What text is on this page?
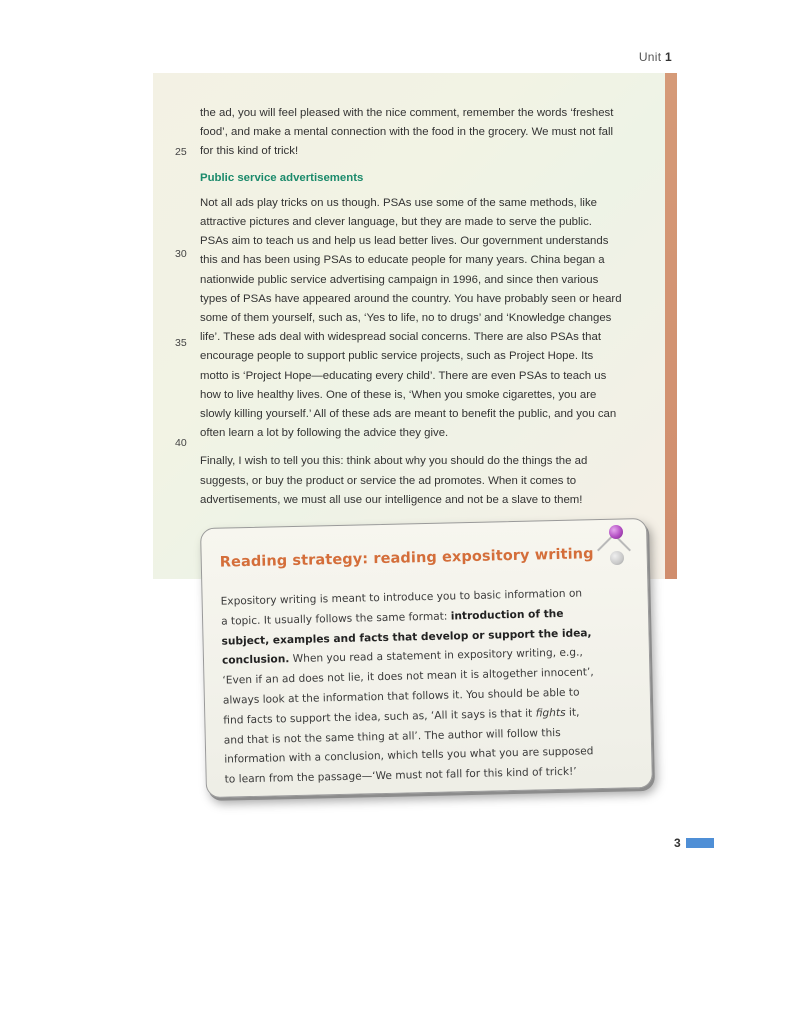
Unit 1
25
30
35
40

the ad, you will feel pleased with the nice comment, remember the words ‘freshest
food’, and make a mental connection with the food in the grocery. We must not fall
for this kind of trick!

Public service advertisements

Not all ads play tricks on us though. PSAs use some of the same methods, like
attractive pictures and clever language, but they are made to serve the public.
PSAs aim to teach us and help us lead better lives. Our government understands
this and has been using PSAs to educate people for many years. China began a
nationwide public service advertising campaign in 1996, and since then various
types of PSAs have appeared around the country. You have probably seen or heard
some of them yourself, such as, ‘Yes to life, no to drugs’ and ‘Knowledge changes
life’. These ads deal with widespread social concerns. There are also PSAs that
encourage people to support public service projects, such as Project Hope. Its
motto is ‘Project Hope—educating every child’. There are even PSAs to teach us
how to live healthy lives. One of these is, ‘When you smoke cigarettes, you are
slowly killing yourself.’ All of these ads are meant to benefit the public, and you can
often learn a lot by following the advice they give.

Finally, I wish to tell you this: think about why you should do the things the ad
suggests, or buy the product or service the ad promotes. When it comes to
advertisements, we must all use our intelligence and not be a slave to them!

Reading strategy: reading expository writing
Expository writing is meant to introduce you to basic information on
a topic. It usually follows the same format: introduction of the
subject, examples and facts that develop or support the idea,
conclusion. When you read a statement in expository writing, e.g.,
‘Even if an ad does not lie, it does not mean it is altogether innocent’,
always look at the information that follows it. You should be able to
find facts to support the idea, such as, ‘All it says is that it fights it,
and that is not the same thing at all’. The author will follow this
information with a conclusion, which tells you what you are supposed
to learn from the passage—‘We must not fall for this kind of trick!’
3
